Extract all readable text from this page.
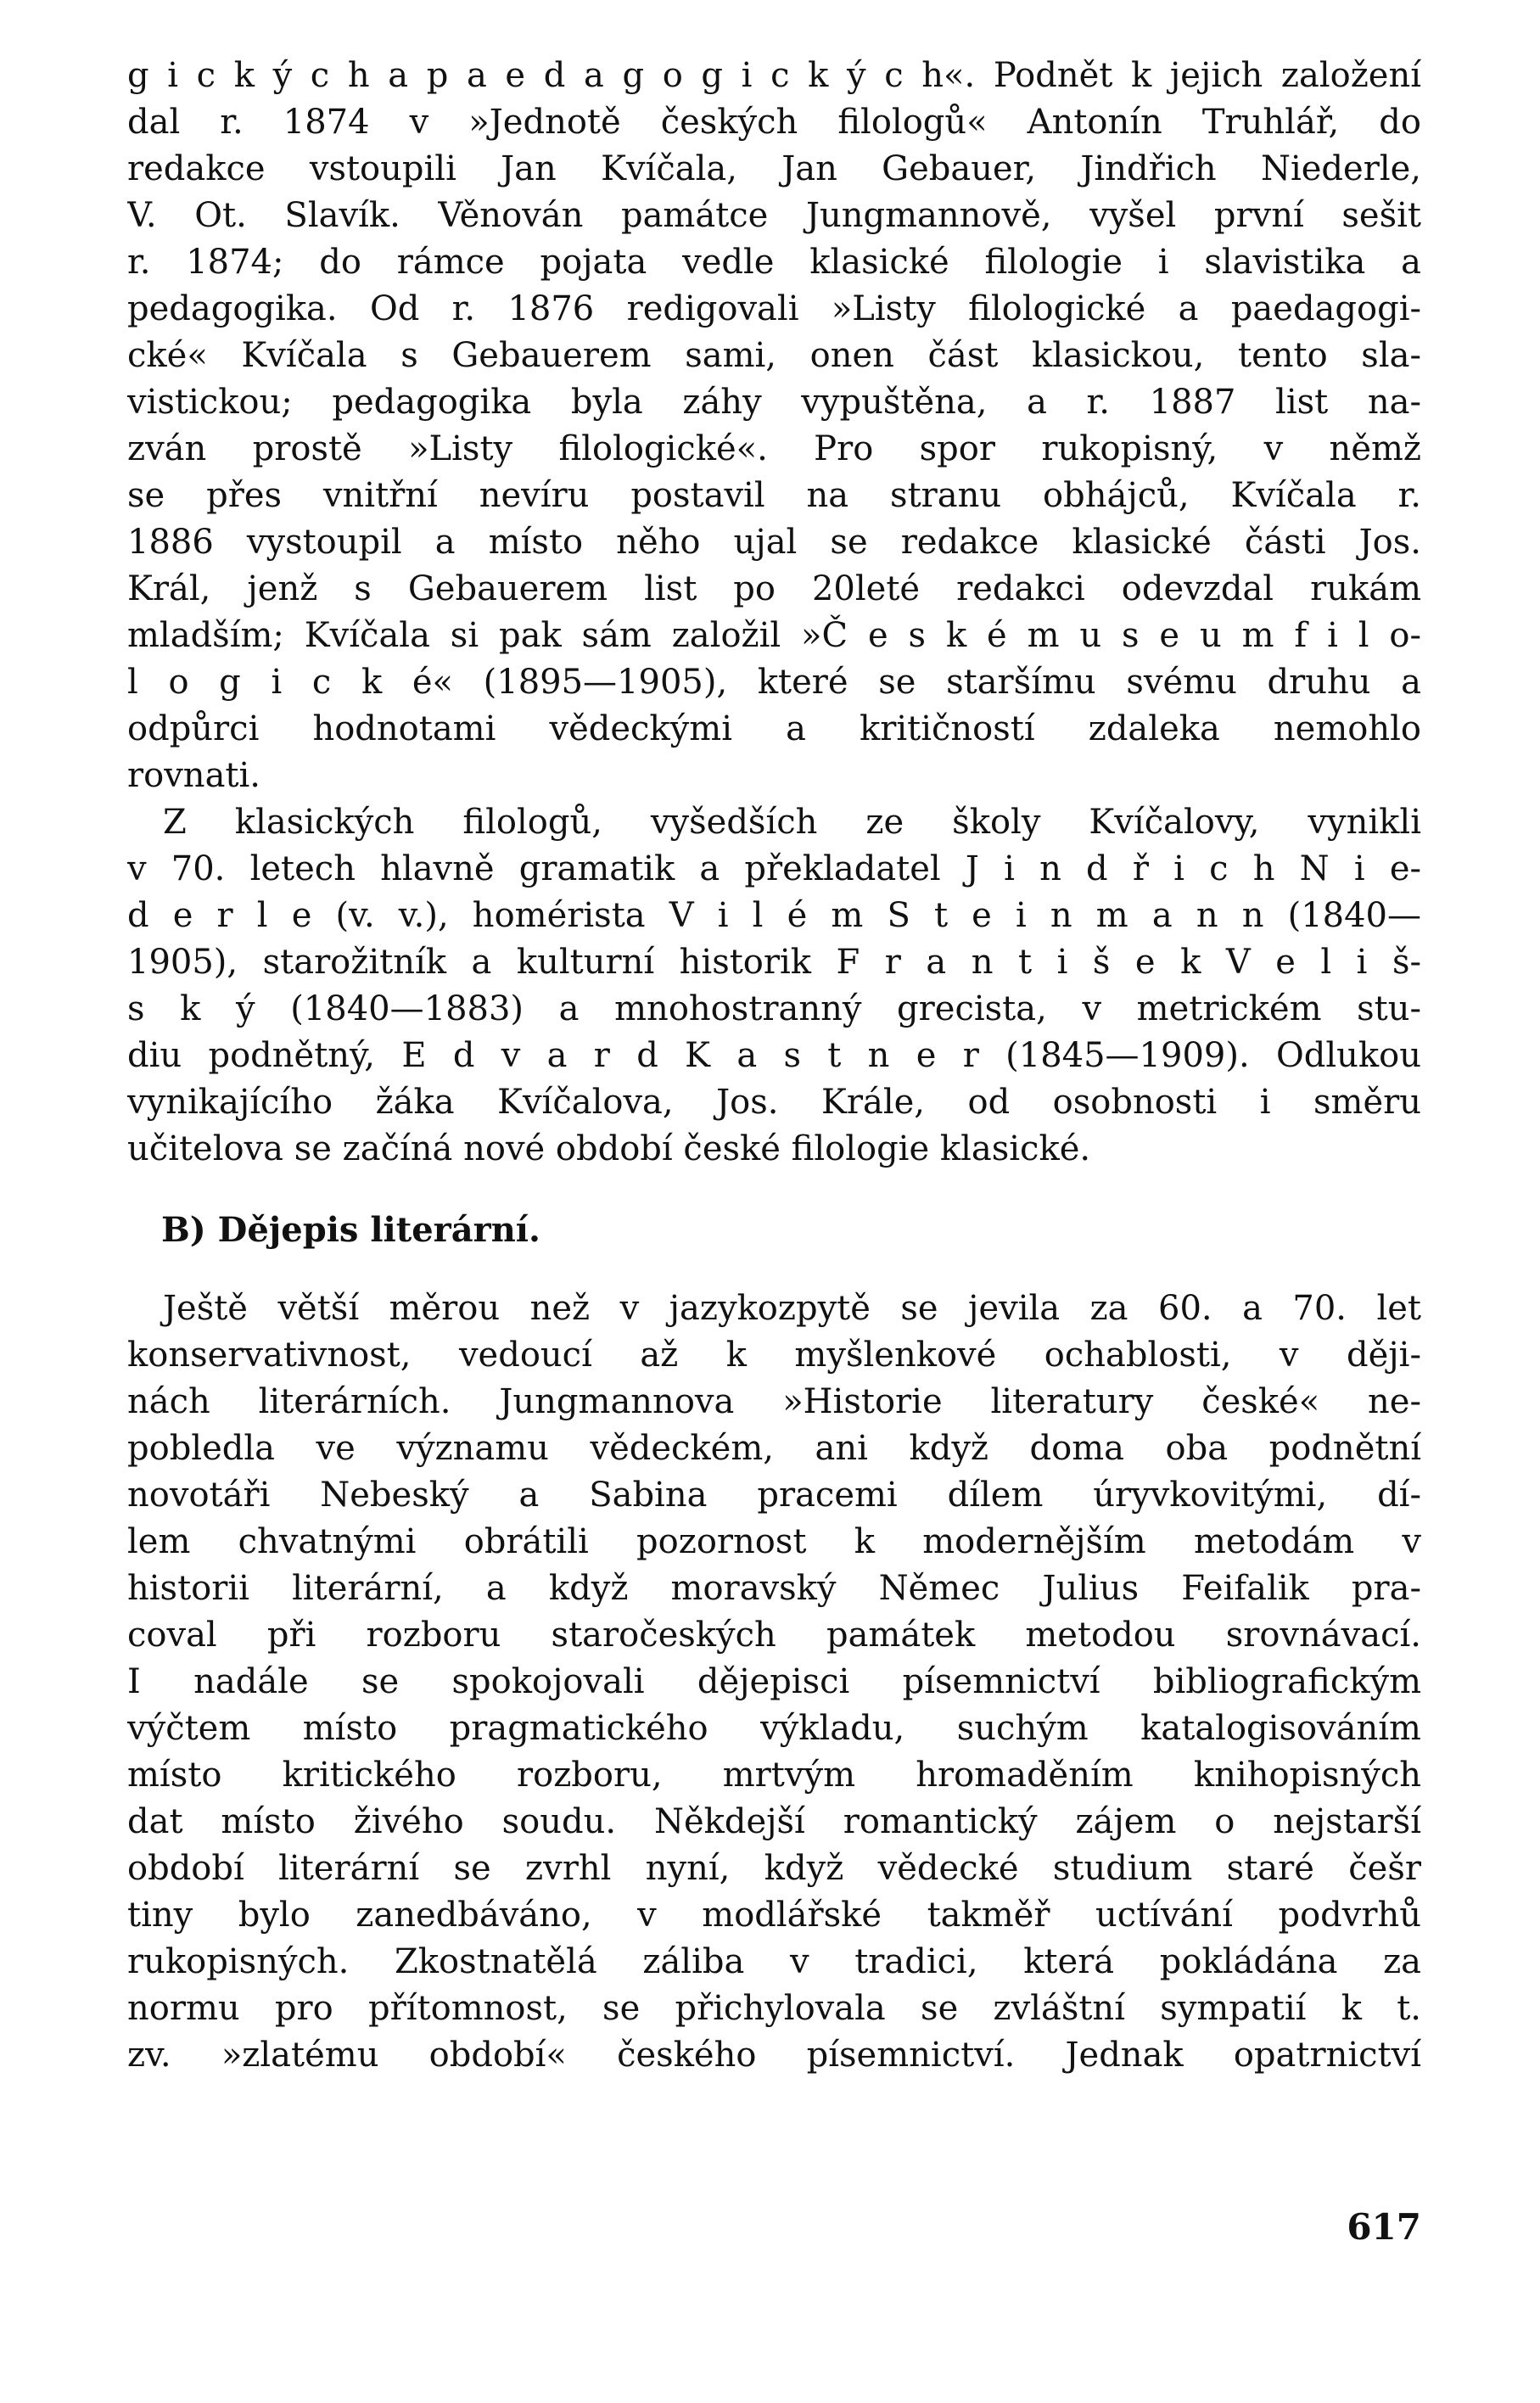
g i c k ý c h a p a e d a g o g i c k ý c h«. Podnět k jejich založení
dal r. 1874 v »Jednotě českých filologů« Antonín Truhlář, do
redakce vstoupili Jan Kvíčala, Jan Gebauer, Jindřich Niederle,
V. Ot. Slavík. Věnován památce Jungmannově, vyšel první sešit
r. 1874; do rámce pojata vedle klasické filologie i slavistika a
pedagogika. Od r. 1876 redigovali »Listy filologické a paedagogi-
cké« Kvíčala s Gebauerem sami, onen část klasickou, tento sla-
vistickou; pedagogika byla záhy vypuštěna, a r. 1887 list na-
zván prostě »Listy filologické«. Pro spor rukopisný, v němž
se přes vnitřní nevíru postavil na stranu obhájců, Kvíčala r.
1886 vystoupil a místo něho ujal se redakce klasické části Jos.
Král, jenž s Gebauerem list po 20leté redakci odevzdal rukám
mladším; Kvíčala si pak sám založil »Č e s k é m u s e u m f i l o-
l o g i c k é« (1895—1905), které se staršímu svému druhu a
odpůrci hodnotami vědeckými a kritičností zdaleka nemohlo
rovnati.
Z klasických filologů, vyšedších ze školy Kvíčalovy, vynikli
v 70. letech hlavně gramatik a překladatel J i n d ř i c h N i e-
d e r l e (v. v.), homérista V i l é m S t e i n m a n n (1840—
1905), starožitník a kulturní historik F r a n t i š e k V e l i š-
s k ý (1840—1883) a mnohostranný grecista, v metrickém stu-
diu podnětný, E d v a r d K a s t n e r (1845—1909). Odlukou
vynikajícího žáka Kvíčalova, Jos. Krále, od osobnosti i směru
učitelova se začíná nové období české filologie klasické.
B) Dějepis literární.
Ještě větší měrou než v jazykozpytě se jevila za 60. a 70. let
konservativnost, vedoucí až k myšlenkové ochablosti, v ději-
nách literárních. Jungmannova »Historie literatury české« ne-
pobledla ve významu vědeckém, ani když doma oba podnětní
novotáři Nebeský a Sabina pracemi dílem úryvkovitými, dí-
lem chvatnými obrátili pozornost k modernějším metodám v
historii literární, a když moravský Němec Julius Feifalik pra-
coval při rozboru staročeských památek metodou srovnávací.
I nadále se spokojovali dějepisci písemnictví bibliografickým
výčtem místo pragmatického výkladu, suchým katalogisováním
místo kritického rozboru, mrtvým hromaděním knihopisných
dat místo živého soudu. Někdejší romantický zájem o nejstarší
období literární se zvrhl nyní, když vědecké studium staré češr
tiny bylo zanedbáváno, v modlářské takměř uctívání podvrhů
rukopisných. Zkostnatělá záliba v tradici, která pokládána za
normu pro přítomnost, se přichylovala se zvláštní sympatií k t.
zv. »zlatému období« českého písemnictví. Jednak opatrnictví
617
